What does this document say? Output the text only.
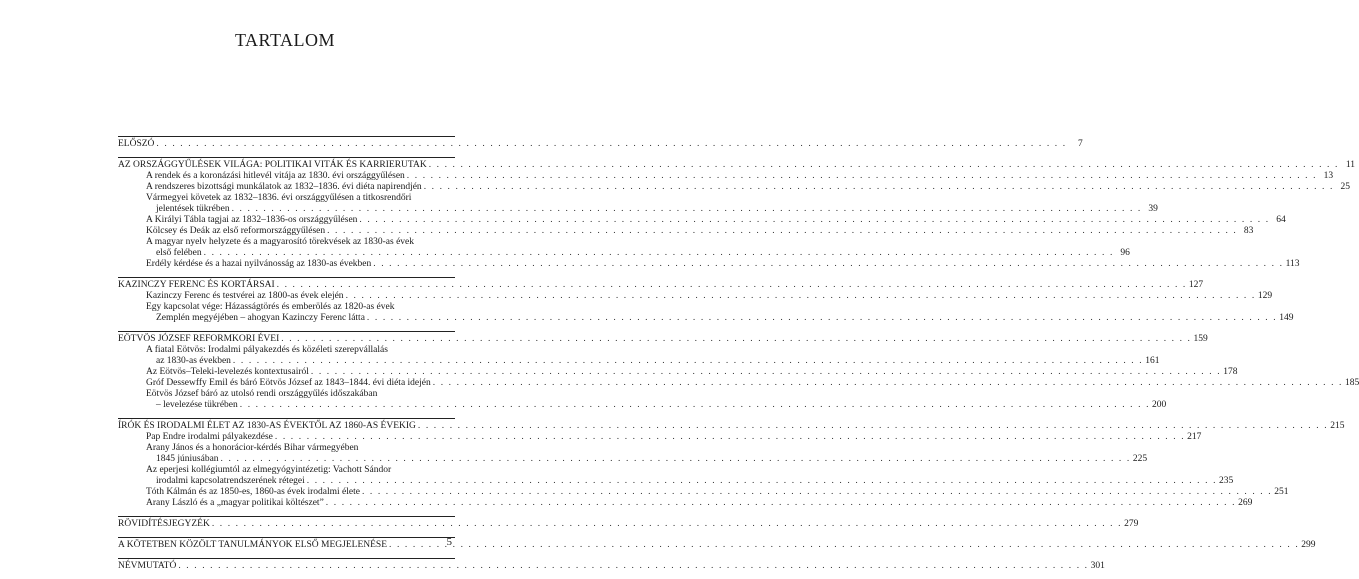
TARTALOM
ELŐSZÓ . . .	7
AZ ORSZÁGGYŰLÉSEK VILÁGA: POLITIKAI VITÁK ÉS KARRIERUTAK . . .	11
A rendek és a koronázási hitlevél vitája az 1830. évi országgyűlésen . . .	13
A rendszeres bizottsági munkálatok az 1832–1836. évi diéta napirendjén . . .	25
Vármegyei követek az 1832–1836. évi országgyűlésen a titkosrendőri
jelentések tükrében . . .	39
A Királyi Tábla tagjai az 1832–1836-os országgyűlésen . . .	64
Kölcsey és Deák az első reformországgyűlésen . . .	83
A magyar nyelv helyzete és a magyarosító törekvések az 1830-as évek
első felében . . .	96
Erdély kérdése és a hazai nyilvánosság az 1830-as években . . .	113
KAZINCZY FERENC ÉS KORTÁRSAI . . .	127
Kazinczy Ferenc és testvérei az 1800-as évek elején . . .	129
Egy kapcsolat vége: Házasságtörés és emberölés az 1820-as évek
Zemplén megyéjében – ahogyan Kazinczy Ferenc látta . . .	149
EÖTVÖS JÓZSEF REFORMKORI ÉVEI . . .	159
A fiatal Eötvös: Irodalmi pályakezdés és közéleti szerepvállalás
az 1830-as években . . .	161
Az Eötvös–Teleki-levelezés kontextusairól . . .	178
Gróf Dessewffy Emil és báró Eötvös József az 1843–1844. évi diéta idején . . .	185
Eötvös József báró az utolsó rendi országgyűlés időszakában
– levelezése tükrében . . .	200
ÍRÓK ÉS IRODALMI ÉLET AZ 1830-AS ÉVEKTŐL AZ 1860-AS ÉVEKIG . . .	215
Pap Endre irodalmi pályakezdése . . .	217
Arany János és a honorácior-kérdés Bihar vármegyében
1845 júniusában . . .	225
Az eperjesi kollégiumtól az elmegyógyintézetig: Vachott Sándor
irodalmi kapcsolatrendszerének rétegei . . .	235
Tóth Kálmán és az 1850-es, 1860-as évek irodalmi élete . . .	251
Arany László és a „magyar politikai költészet” . . .	269
RÖVIDÍTÉSJEGYZÉK . . .	279
A KÖTETBEN KÖZÖLT TANULMÁNYOK ELSŐ MEGJELENÉSE . . .	299
NÉVMUTATÓ . . .	301
5
